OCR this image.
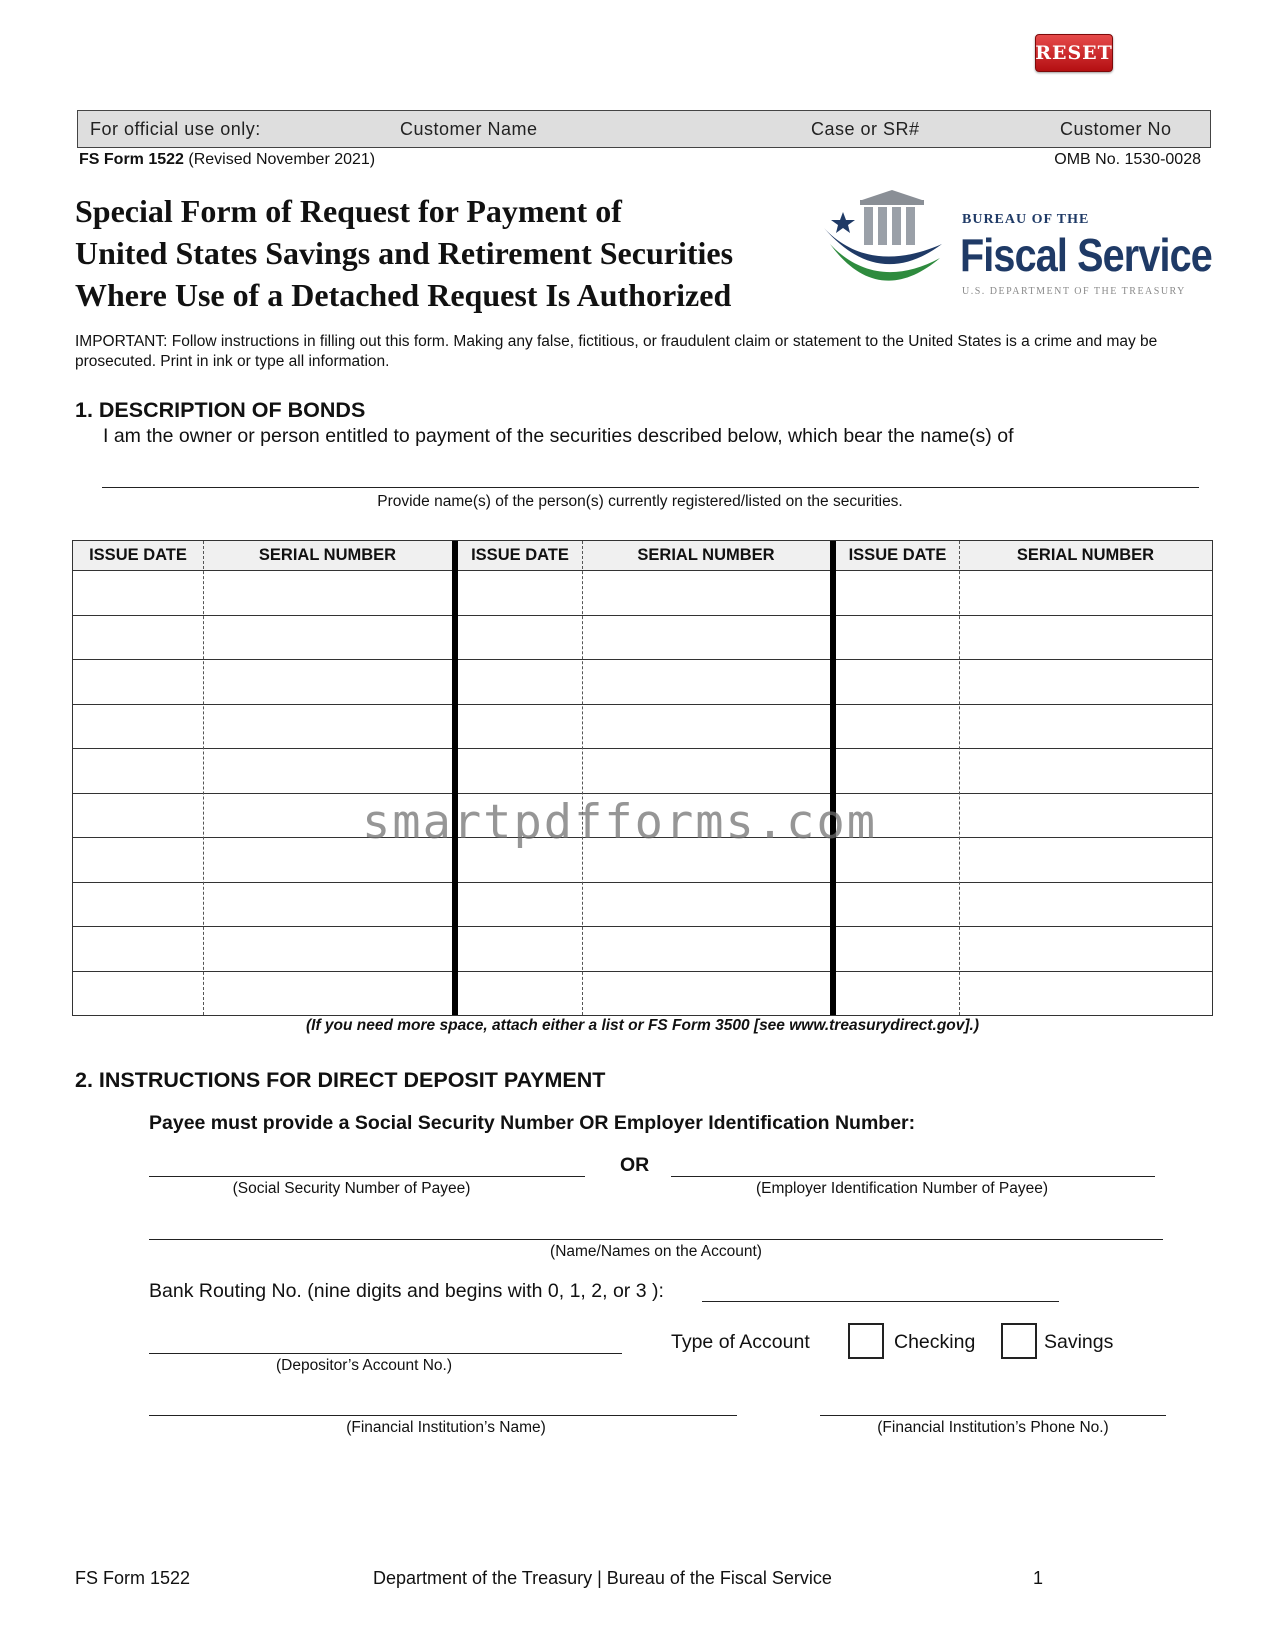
RESET
For official use only:	Customer Name	Case or SR#	Customer No
FS Form 1522 (Revised November 2021)	OMB No. 1530-0028
Special Form of Request for Payment of
United States Savings and Retirement Securities
Where Use of a Detached Request Is Authorized
BUREAU OF THE
Fiscal Service
U.S. DEPARTMENT OF THE TREASURY
IMPORTANT: Follow instructions in filling out this form. Making any false, fictitious, or fraudulent claim or statement to the United States is a crime and may be prosecuted. Print in ink or type all information.
1. DESCRIPTION OF BONDS
I am the owner or person entitled to payment of the securities described below, which bear the name(s) of
Provide name(s) of the person(s) currently registered/listed on the securities.
ISSUE DATE	SERIAL NUMBER	ISSUE DATE	SERIAL NUMBER	ISSUE DATE	SERIAL NUMBER
smartpdfforms.com
(If you need more space, attach either a list or FS Form 3500 [see www.treasurydirect.gov].)
2. INSTRUCTIONS FOR DIRECT DEPOSIT PAYMENT
Payee must provide a Social Security Number OR Employer Identification Number:
OR
(Social Security Number of Payee)	(Employer Identification Number of Payee)
(Name/Names on the Account)
Bank Routing No. (nine digits and begins with 0, 1, 2, or 3 ):
(Depositor’s Account No.)
Type of Account	Checking	Savings
(Financial Institution’s Name)	(Financial Institution’s Phone No.)
FS Form 1522	Department of the Treasury | Bureau of the Fiscal Service	1
